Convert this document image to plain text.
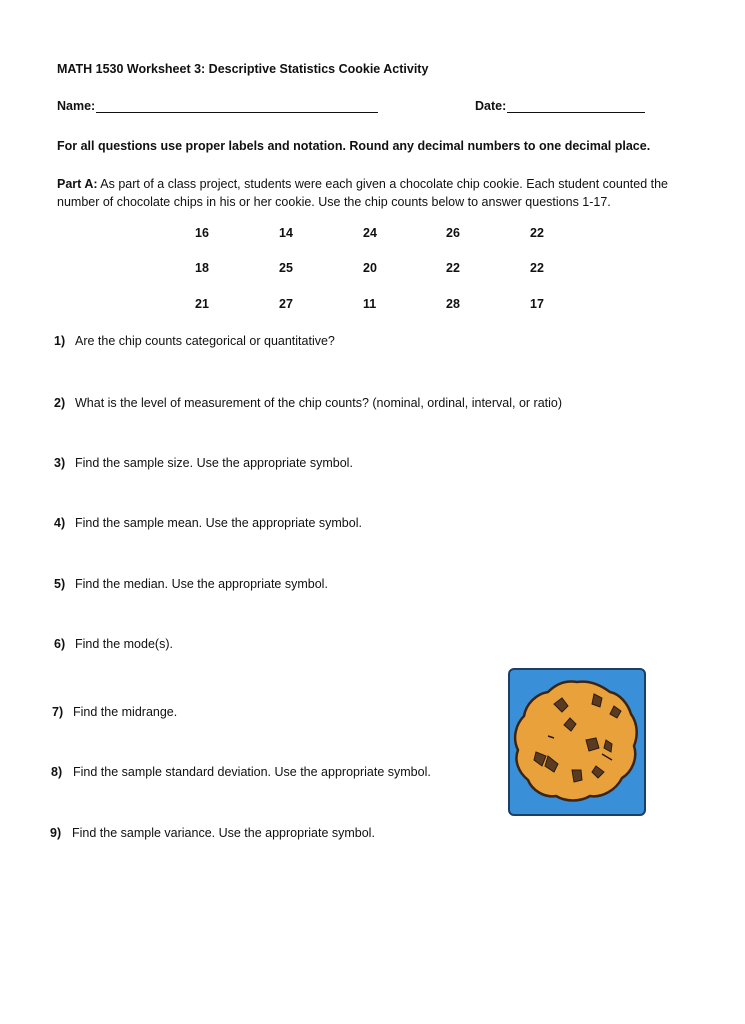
MATH 1530 Worksheet 3: Descriptive Statistics Cookie Activity
Name:	Date:
For all questions use proper labels and notation. Round any decimal numbers to one decimal place.
Part A: As part of a class project, students were each given a chocolate chip cookie. Each student counted the number of chocolate chips in his or her cookie. Use the chip counts below to answer questions 1-17.
16	14	24	26	22
18	25	20	22	22
21	27	11	28	17
1) Are the chip counts categorical or quantitative?
2) What is the level of measurement of the chip counts? (nominal, ordinal, interval, or ratio)
3) Find the sample size. Use the appropriate symbol.
4) Find the sample mean. Use the appropriate symbol.
5) Find the median. Use the appropriate symbol.
6) Find the mode(s).
7) Find the midrange.
8) Find the sample standard deviation. Use the appropriate symbol.
9) Find the sample variance. Use the appropriate symbol.
